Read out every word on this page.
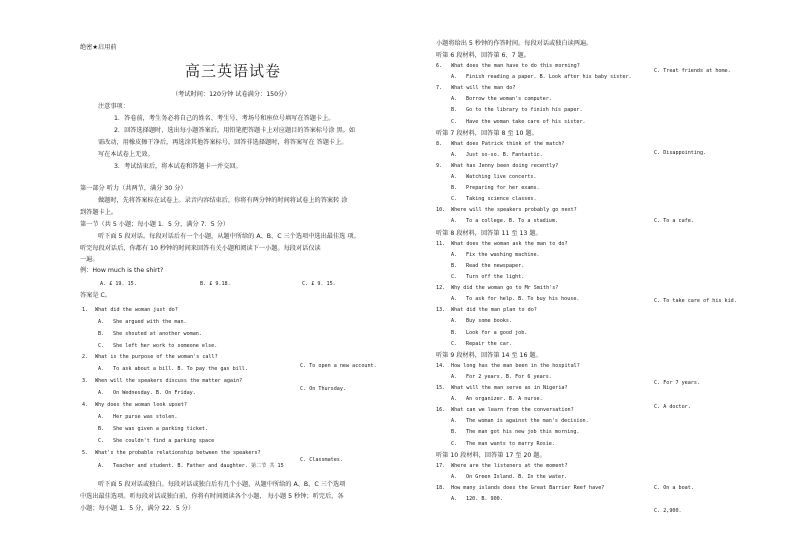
绝密★启用前
高三英语试卷
（考试时间：120分钟 试卷满分：150分）
注意事项：
1．答卷前，考生务必将自己的姓名、考生号、考场号和座位号填写在答题卡上。
2．回答选择题时，选出每小题答案后，用铅笔把答题卡上对应题目的答案标号涂 黑。如
需改动，用橡皮擦干净后，再选涂其他答案标号。回答非选择题时，将答案写在 答题卡上。
写在本试卷上无效。
3．考试结束后，将本试卷和答题卡一并交回。
第一部分 听力（共两节，满分 30 分）
做题时，先将答案标在试卷上。录音内容结束后，你将有两分钟的时间将试卷上的答案转 涂
到答题卡上。
第一节（共 5 小题；每小题 1．5 分，满分 7．5 分）
听下面 5 段对话。每段对话后有一个小题，从题中所给的 A、B、C 三个选项中选出最佳选 项。
听完每段对话后，你都有 10 秒钟的时间来回答有关小题和阅读下一小题。每段对话仅读
一遍。
例：How much is the shirt?
A. £ 19. 15.	B. £ 9.18.	C. £ 9. 15.
答案是 C。
1. What did the woman just do?
A. She argued with the man.
B. She shouted at another woman.
C. She left her work to someone else.
2. What is the purpose of the woman's call?
A. To ask about a bill. B. To pay the gas bill.
3. When will the speakers discuss the matter again?
A. On Wednesday. B. On Friday.
4. Why does the woman look upset?
A. Her purse was stolen.
B. She was given a parking ticket.
C. She couldn't find a parking space
5. What's the probable relationship between the speakers?
A. Teacher and student. B. Father and daughter. 第二节 共 15
C. To open a new account.
C. On Thursday.
C. Classmates.
听下面 5 段对话或独白。每段对话或独白后有几个小题，从题中所给的 A、B、C 三个选项
中选出最佳选项。听每段对话或独白前，你将有时间阅读各个小题， 每小题 5 秒钟；听完后，各
小题；每小题 1．5 分，满分 22．5 分）
小题将给出 5 秒钟的作答时间。每段对话或独白读两遍。
听第 6 段材料，回答第 6、7 题。
6. What does the man have to do this morning?
A. Finish reading a paper. B. Look after his baby sister.
7. What will the man do?
A. Borrow the woman's computer.
B. Go to the library to finish his paper.
C. Have the woman take care of his sister.
听第 7 段材料，回答第 8 至 10 题。
8. What does Patrick think of the match?
A. Just so-so. B. Fantastic.
9. What has Jenny been doing recently?
A. Watching live concerts.
B. Preparing for her exams.
C. Taking science classes.
10. Where will the speakers probably go next?
A. To a college. B. To a stadium.
听第 8 段材料，回答第 11 至 13 题。
11. What does the woman ask the man to do?
A. Fix the washing machine.
B. Read the newspaper.
C. Turn off the light.
12. Why did the woman go to Mr Smith's?
A. To ask for help. B. To buy his house.
13. What did the man plan to do?
A. Buy some books.
B. Look for a good job.
C. Repair the car.
听第 9 段材料，回答第 14 至 16 题。
14. How long has the man been in the hospital?
A. For 2 years. B. For 6 years.
15. What will the man serve as in Nigeria?
A. An organizer. B. A nurse.
16. What can we learn from the conversation?
A. The woman is against the man's decision.
B. The man got his new job this morning.
C. The man wants to marry Rosie.
听第 10 段材料，回答第 17 至 20 题。
17. Where are the listeners at the moment?
A. On Green Island. B. In the water.
18. How many islands does the Great Barrier Reef have?
A. 120. B. 900.
C. Treat friends at home.
C. Disappointing.
C. To a cafe.
C. To take care of his kid.
C. For 7 years.
C. A doctor.
C. On a boat.
C. 2,900.
